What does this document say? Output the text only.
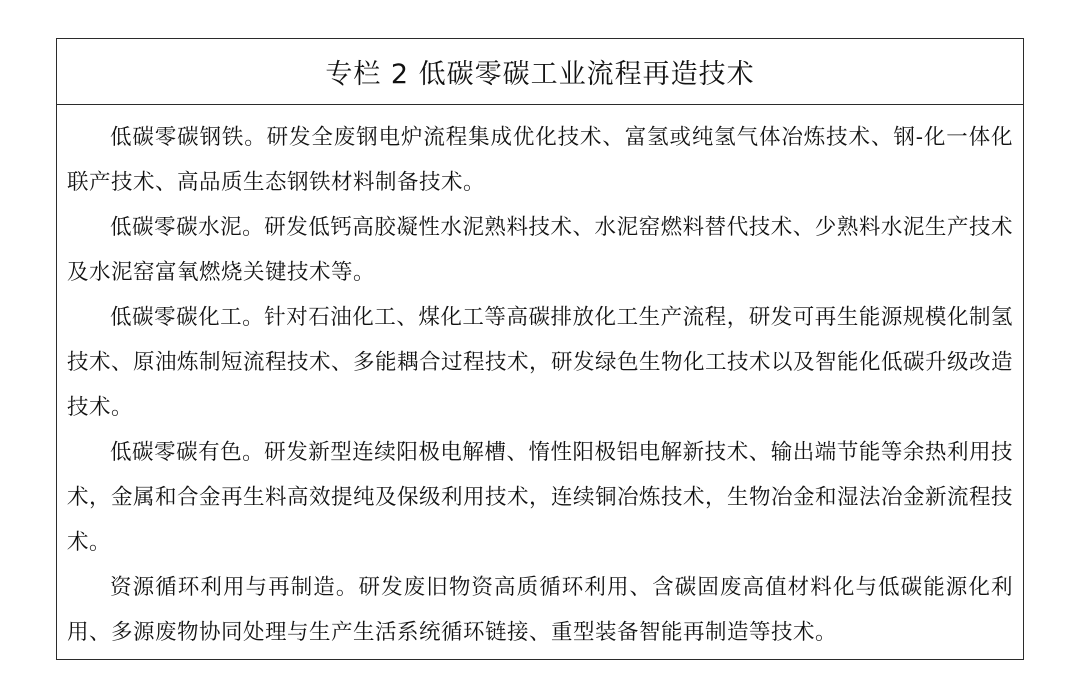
专栏 2 低碳零碳工业流程再造技术

低碳零碳钢铁。研发全废钢电炉流程集成优化技术、富氢或纯氢气体冶炼技术、钢-化一体化联产技术、高品质生态钢铁材料制备技术。

低碳零碳水泥。研发低钙高胶凝性水泥熟料技术、水泥窑燃料替代技术、少熟料水泥生产技术及水泥窑富氧燃烧关键技术等。

低碳零碳化工。针对石油化工、煤化工等高碳排放化工生产流程，研发可再生能源规模化制氢技术、原油炼制短流程技术、多能耦合过程技术，研发绿色生物化工技术以及智能化低碳升级改造技术。

低碳零碳有色。研发新型连续阳极电解槽、惰性阳极铝电解新技术、输出端节能等余热利用技术，金属和合金再生料高效提纯及保级利用技术，连续铜冶炼技术，生物冶金和湿法冶金新流程技术。

资源循环利用与再制造。研发废旧物资高质循环利用、含碳固废高值材料化与低碳能源化利用、多源废物协同处理与生产生活系统循环链接、重型装备智能再制造等技术。
